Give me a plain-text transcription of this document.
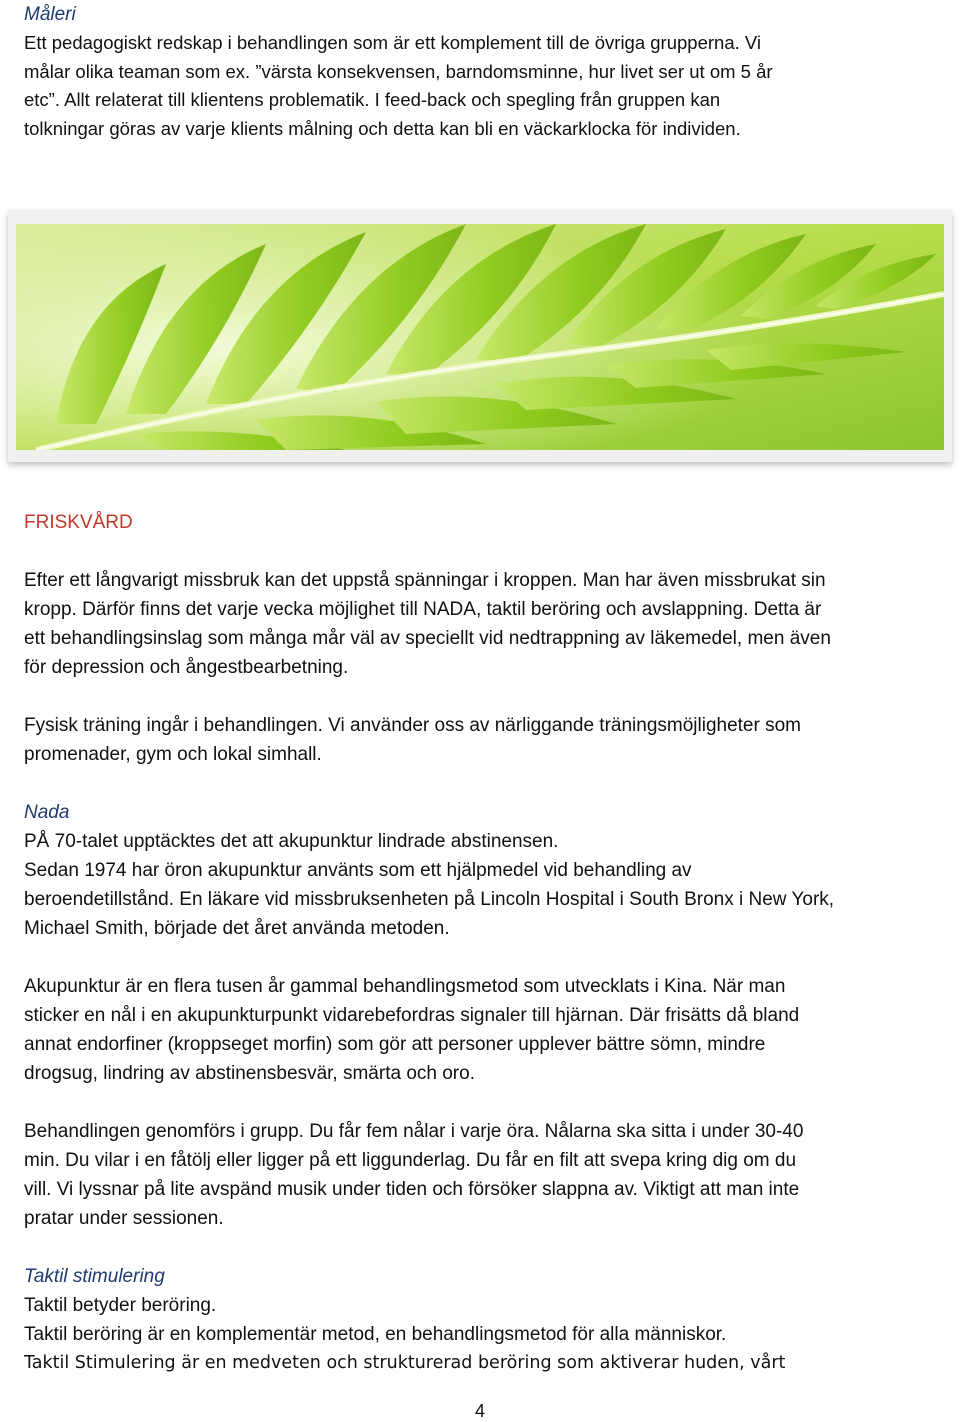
Måleri

Ett pedagogiskt redskap i behandlingen som är ett komplement till de övriga grupperna. Vi

målar olika teaman som ex. ”värsta konsekvensen, barndomsminne, hur livet ser ut om 5 år

etc”. Allt relaterat till klientens problematik. I feed-back och spegling från gruppen kan

tolkningar göras av varje klients målning och detta kan bli en väckarklocka för individen.

FRISKVÅRD

Efter ett långvarigt missbruk kan det uppstå spänningar i kroppen. Man har även missbrukat sin

kropp. Därför finns det varje vecka möjlighet till NADA, taktil beröring och avslappning. Detta är

ett behandlingsinslag som många mår väl av speciellt vid nedtrappning av läkemedel, men även

för depression och ångestbearbetning.

Fysisk träning ingår i behandlingen. Vi använder oss av närliggande träningsmöjligheter som

promenader, gym och lokal simhall.

Nada

PÅ 70-talet upptäcktes det att akupunktur lindrade abstinensen.

Sedan 1974 har öron akupunktur använts som ett hjälpmedel vid behandling av

beroendetillstånd. En läkare vid missbruksenheten på Lincoln Hospital i South Bronx i New York,

Michael Smith, började det året använda metoden.

Akupunktur är en flera tusen år gammal behandlingsmetod som utvecklats i Kina. När man

sticker en nål i en akupunkturpunkt vidarebefordras signaler till hjärnan. Där frisätts då bland

annat endorfiner (kroppseget morfin) som gör att personer upplever bättre sömn, mindre

drogsug, lindring av abstinensbesvär, smärta och oro.

Behandlingen genomförs i grupp. Du får fem nålar i varje öra. Nålarna ska sitta i under 30-40

min. Du vilar i en fåtölj eller ligger på ett liggunderlag. Du får en filt att svepa kring dig om du

vill. Vi lyssnar på lite avspänd musik under tiden och försöker slappna av. Viktigt att man inte

pratar under sessionen.

Taktil stimulering

Taktil betyder beröring.

Taktil beröring är en komplementär metod, en behandlingsmetod för alla människor.

Taktil Stimulering är en medveten och strukturerad beröring som aktiverar huden, vårt

4
